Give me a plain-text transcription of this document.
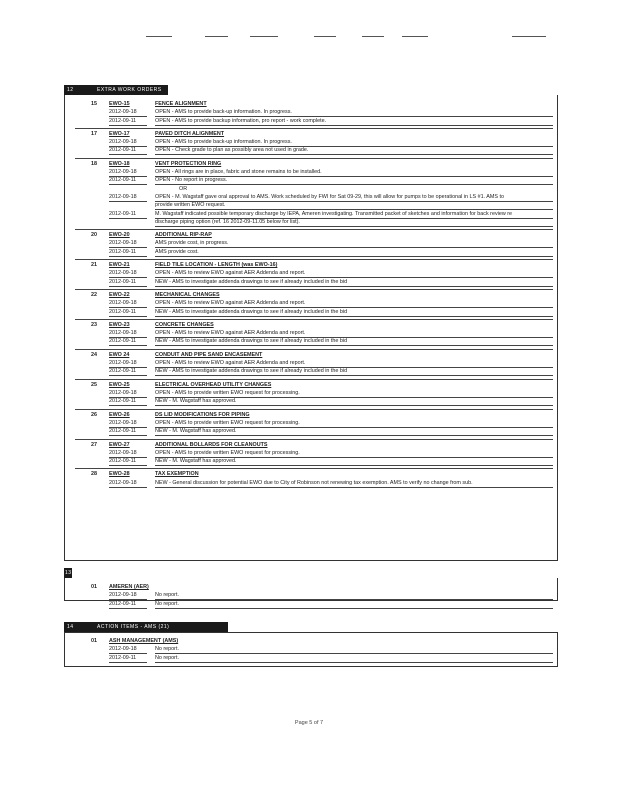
12	EXTRA WORK ORDERS
15 EWO-15	FENCE ALIGNMENT
2012-09-18	OPEN - AMS to provide back-up information. In progress.
2012-09-11	OPEN - AMS to provide backup information, pro report - work complete.
17 EWO-17	PAVED DITCH ALIGNMENT
2012-09-18	OPEN - AMS to provide back-up information. In progress.
2012-09-11	OPEN - Check grade to plan as possibly area not used in grade.
18 EWO-18	VENT PROTECTION RING
2012-09-18	OPEN - All rings are in place, fabric and stone remains to be installed.
2012-09-11	OPEN - No report in progress.
OR
2012-09-18	OPEN - M. Wagstaff gave oral approval to AMS. Work scheduled by FWI for Sat 09-29, this will allow for pumps to be operational in LS #1. AMS to
provide written EWO request.
2012-09-11	M. Wagstaff indicated possible temporary discharge by IEPA, Ameren investigating. Transmitted packet of sketches and information for back review re
discharge piping option (ref. 16 2012-09-11.05 below for list).
20 EWO-20	ADDITIONAL RIP-RAP
2012-09-18	AMS provide cost, in progress.
2012-09-11	AMS provide cost.
21 EWO-21	FIELD TILE LOCATION - LENGTH (was EWO-16)
2012-09-18	OPEN - AMS to review EWO against AER Addenda and report.
2012-09-11	NEW - AMS to investigate addenda drawings to see if already included in the bid
22 EWO-22	MECHANICAL CHANGES
2012-09-18	OPEN - AMS to review EWO against AER Addenda and report.
2012-09-11	NEW - AMS to investigate addenda drawings to see if already included in the bid
23 EWO-23	CONCRETE CHANGES
2012-09-18	OPEN - AMS to review EWO against AER Addenda and report.
2012-09-11	NEW - AMS to investigate addenda drawings to see if already included in the bid
24 EWO 24	CONDUIT AND PIPE SAND ENCASEMENT
2012-09-18	OPEN - AMS to review EWO against AER Addenda and report.
2012-09-11	NEW - AMS to investigate addenda drawings to see if already included in the bid
25 EWO-25	ELECTRICAL OVERHEAD UTILITY CHANGES
2012-09-18	OPEN - AMS to provide written EWO request for processing.
2012-09-11	NEW - M. Wagstaff has approved.
26 EWO-26	DS LID MODIFICATIONS FOR PIPING
2012-09-18	OPEN - AMS to provide written EWO request for processing.
2012-09-11	NEW - M. Wagstaff has approved.
27 EWO-27	ADDITIONAL BOLLARDS FOR CLEANOUTS
2012-09-18	OPEN - AMS to provide written EWO request for processing.
2012-09-11	NEW - M. Wagstaff has approved.
28 EWO-28	TAX EXEMPTION
2012-09-18	NEW - General discussion for potential EWO due to City of Robinson not renewing tax exemption. AMS to verify no change from sub.
13
01 AMEREN (AER)
2012-09-18	No report.
2012-09-11	No report.
14	ACTION ITEMS - AMS (21)
01 ASH MANAGEMENT (AMS)
2012-09-18	No report.
2012-09-11	No report.
Page 5 of 7
